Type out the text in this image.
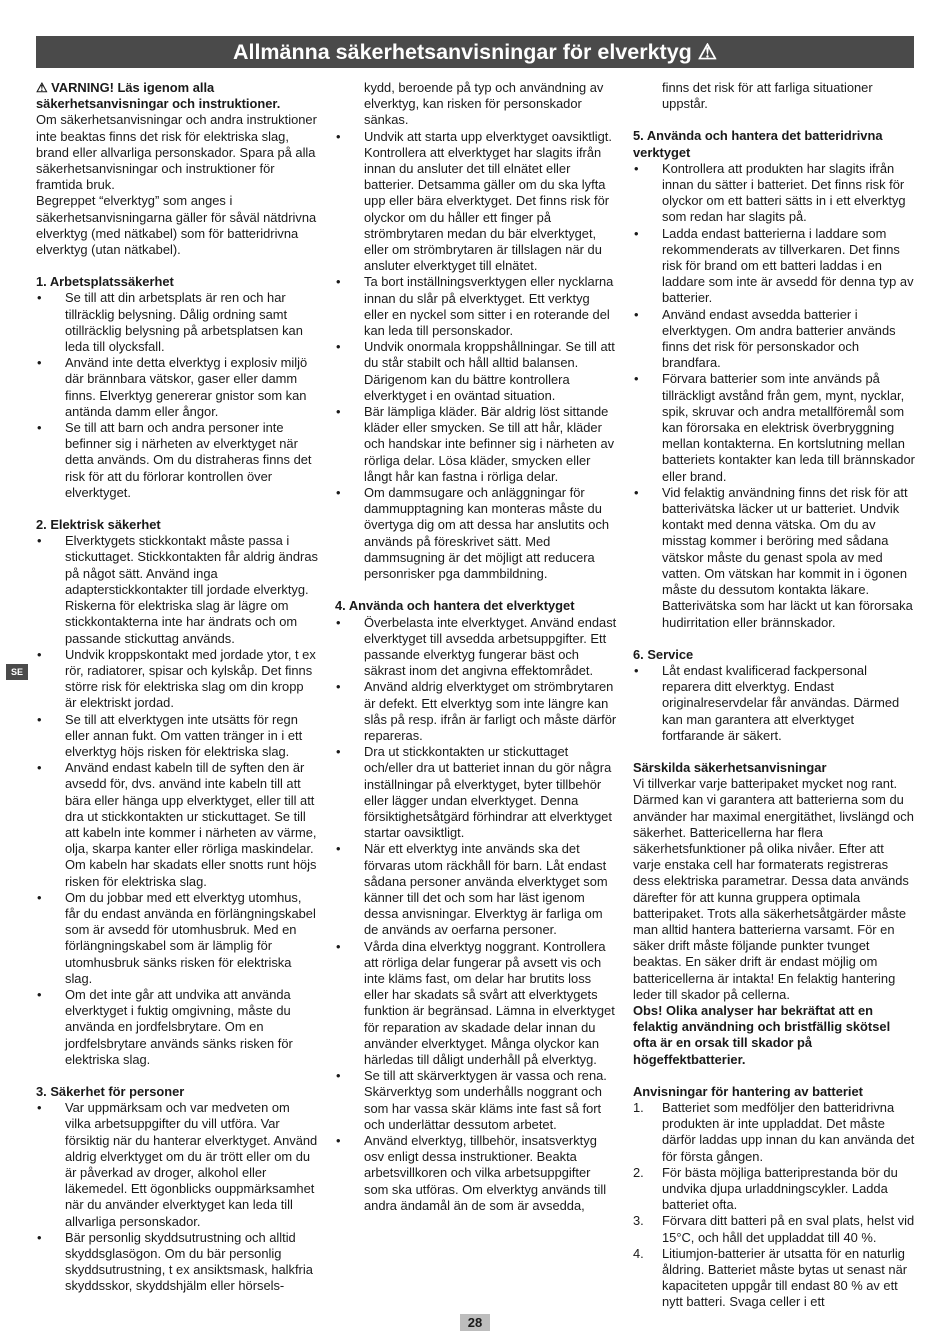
Allmänna säkerhetsanvisningar för elverktyg ⚠

⚠ VARNING! Läs igenom alla säkerhetsanvisningar och instruktioner.

Om säkerhetsanvisningar och andra instruktioner inte beaktas finns det risk för elektriska slag, brand eller allvarliga personskador. Spara på alla säkerhetsanvisningar och instruktioner för framtida bruk.

Begreppet “elverktyg” som anges i säkerhetsanvisningarna gäller för såväl nätdrivna elverktyg (med nätkabel) som för batteridrivna elverktyg (utan nätkabel).

1. Arbetsplatssäkerhet
• Se till att din arbetsplats är ren och har tillräcklig belysning. Dålig ordning samt otillräcklig belysning på arbetsplatsen kan leda till olycksfall.
• Använd inte detta elverktyg i explosiv miljö där brännbara vätskor, gaser eller damm finns. Elverktyg genererar gnistor som kan antända damm eller ångor.
• Se till att barn och andra personer inte befinner sig i närheten av elverktyget när detta används. Om du distraheras finns det risk för att du förlorar kontrollen över elverktyget.
2. Elektrisk säkerhet
• Elverktygets stickkontakt måste passa i stickuttaget. Stickkontakten får aldrig ändras på något sätt. Använd inga adapterstickkontakter till jordade elverktyg. Riskerna för elektriska slag är lägre om stickkontakterna inte har ändrats och om passande stickuttag används.
• Undvik kroppskontakt med jordade ytor, t ex rör, radiatorer, spisar och kylskåp. Det finns större risk för elektriska slag om din kropp är elektriskt jordad.
• Se till att elverktygen inte utsätts för regn eller annan fukt. Om vatten tränger in i ett elverktyg höjs risken för elektriska slag.
• Använd endast kabeln till de syften den är avsedd för, dvs. använd inte kabeln till att bära eller hänga upp elverktyget, eller till att dra ut stickkontakten ur stickuttaget. Se till att kabeln inte kommer i närheten av värme, olja, skarpa kanter eller rörliga maskindelar. Om kabeln har skadats eller snotts runt höjs risken för elektriska slag.
• Om du jobbar med ett elverktyg utomhus, får du endast använda en förlängningskabel som är avsedd för utomhusbruk. Med en förlängningskabel som är lämplig för utomhusbruk sänks risken för elektriska slag.
• Om det inte går att undvika att använda elverktyget i fuktig omgivning, måste du använda en jordfelsbrytare. Om en jordfelsbrytare används sänks risken för elektriska slag.
3. Säkerhet för personer
• Var uppmärksam och var medveten om vilka arbetsuppgifter du vill utföra. Var försiktig när du hanterar elverktyget. Använd aldrig elverktyget om du är trött eller om du är påverkad av droger, alkohol eller läkemedel. Ett ögonblicks ouppmärksamhet när du använder elverktyget kan leda till allvarliga personskador.
• Bär personlig skyddsutrustning och alltid skyddsglasögon. Om du bär personlig skyddsutrustning, t ex ansiktsmask, halkfria skyddsskor, skyddshjälm eller hörsels-
kydd, beroende på typ och användning av elverktyg, kan risken för personskador sänkas.
• Undvik att starta upp elverktyget oavsiktligt. Kontrollera att elverktyget har slagits ifrån innan du ansluter det till elnätet eller batterier. Detsamma gäller om du ska lyfta upp eller bära elverktyget. Det finns risk för olyckor om du håller ett finger på strömbrytaren medan du bär elverktyget, eller om strömbrytaren är tillslagen när du ansluter elverktyget till elnätet.
• Ta bort inställningsverktygen eller nycklarna innan du slår på elverktyget. Ett verktyg eller en nyckel som sitter i en roterande del kan leda till personskador.
• Undvik onormala kroppshållningar. Se till att du står stabilt och håll alltid balansen. Därigenom kan du bättre kontrollera elverktyget i en oväntad situation.
• Bär lämpliga kläder. Bär aldrig löst sittande kläder eller smycken. Se till att hår, kläder och handskar inte befinner sig i närheten av rörliga delar. Lösa kläder, smycken eller långt hår kan fastna i rörliga delar.
• Om dammsugare och anläggningar för dammupptagning kan monteras måste du övertyga dig om att dessa har anslutits och används på föreskrivet sätt. Med dammsugning är det möjligt att reducera personrisker pga dammbildning.
4. Använda och hantera det elverktyget
• Överbelasta inte elverktyget. Använd endast elverktyget till avsedda arbetsuppgifter. Ett passande elverktyg fungerar bäst och säkrast inom det angivna effektområdet.
• Använd aldrig elverktyget om strömbrytaren är defekt. Ett elverktyg som inte längre kan slås på resp. ifrån är farligt och måste därför repareras.
• Dra ut stickkontakten ur stickuttaget och/eller dra ut batteriet innan du gör några inställningar på elverktyget, byter tillbehör eller lägger undan elverktyget. Denna försiktighetsåtgärd förhindrar att elverktyget startar oavsiktligt.
• När ett elverktyg inte används ska det förvaras utom räckhåll för barn. Låt endast sådana personer använda elverktyget som känner till det och som har läst igenom dessa anvisningar. Elverktyg är farliga om de används av oerfarna personer.
• Vårda dina elverktyg noggrant. Kontrollera att rörliga delar fungerar på avsett vis och inte kläms fast, om delar har brutits loss eller har skadats så svårt att elverktygets funktion är begränsad. Lämna in elverktyget för reparation av skadade delar innan du använder elverktyget. Många olyckor kan härledas till dåligt underhåll på elverktyg.
• Se till att skärverktygen är vassa och rena. Skärverktyg som underhålls noggrant och som har vassa skär kläms inte fast så fort och underlättar dessutom arbetet.
• Använd elverktyg, tillbehör, insatsverktyg osv enligt dessa instruktioner. Beakta arbetsvillkoren och vilka arbetsuppgifter som ska utföras. Om elverktyg används till andra ändamål än de som är avsedda,
finns det risk för att farliga situationer uppstår.
5. Använda och hantera det batteridrivna verktyget
• Kontrollera att produkten har slagits ifrån innan du sätter i batteriet. Det finns risk för olyckor om ett batteri sätts in i ett elverktyg som redan har slagits på.
• Ladda endast batterierna i laddare som rekommenderats av tillverkaren. Det finns risk för brand om ett batteri laddas i en laddare som inte är avsedd för denna typ av batterier.
• Använd endast avsedda batterier i elverktygen. Om andra batterier används finns det risk för personskador och brandfara.
• Förvara batterier som inte används på tillräckligt avstånd från gem, mynt, nycklar, spik, skruvar och andra metallföremål som kan förorsaka en elektrisk överbryggning mellan kontakterna. En kortslutning mellan batteriets kontakter kan leda till brännskador eller brand.
• Vid felaktig användning finns det risk för att batterivätska läcker ut ur batteriet. Undvik kontakt med denna vätska. Om du av misstag kommer i beröring med sådana vätskor måste du genast spola av med vatten. Om vätskan har kommit in i ögonen måste du dessutom kontakta läkare. Batterivätska som har läckt ut kan förorsaka hudirritation eller brännskador.
6. Service
• Låt endast kvalificerad fackpersonal reparera ditt elverktyg. Endast originalreservdelar får användas. Därmed kan man garantera att elverktyget fortfarande är säkert.
Särskilda säkerhetsanvisningar

Vi tillverkar varje batteripaket mycket nog rant. Därmed kan vi garantera att batterierna som du använder har maximal energitäthet, livslängd och säkerhet. Battericellerna har flera säkerhetsfunktioner på olika nivåer. Efter att varje enstaka cell har formaterats registreras dess elektriska parametrar. Dessa data används därefter för att kunna gruppera optimala batteripaket. Trots alla säkerhetsåtgärder måste man alltid hantera batterierna varsamt. För en säker drift måste följande punkter tvunget beaktas. En säker drift är endast möjlig om battericellerna är intakta! En felaktig hantering leder till skador på cellerna.

Obs! Olika analyser har bekräftat att en felaktig användning och bristfällig skötsel ofta är en orsak till skador på högeffektbatterier.

Anvisningar för hantering av batteriet
1. Batteriet som medföljer den batteridrivna produkten är inte uppladdat. Det måste därför laddas upp innan du kan använda det för första gången.
2. För bästa möjliga batteriprestanda bör du undvika djupa urladdningscykler. Ladda batteriet ofta.
3. Förvara ditt batteri på en sval plats, helst vid 15°C, och håll det uppladdat till 40 %.
4. Litiumjon-batterier är utsatta för en naturlig åldring. Batteriet måste bytas ut senast när kapaciteten uppgår till endast 80 % av ett nytt batteri. Svaga celler i ett
SE
28
